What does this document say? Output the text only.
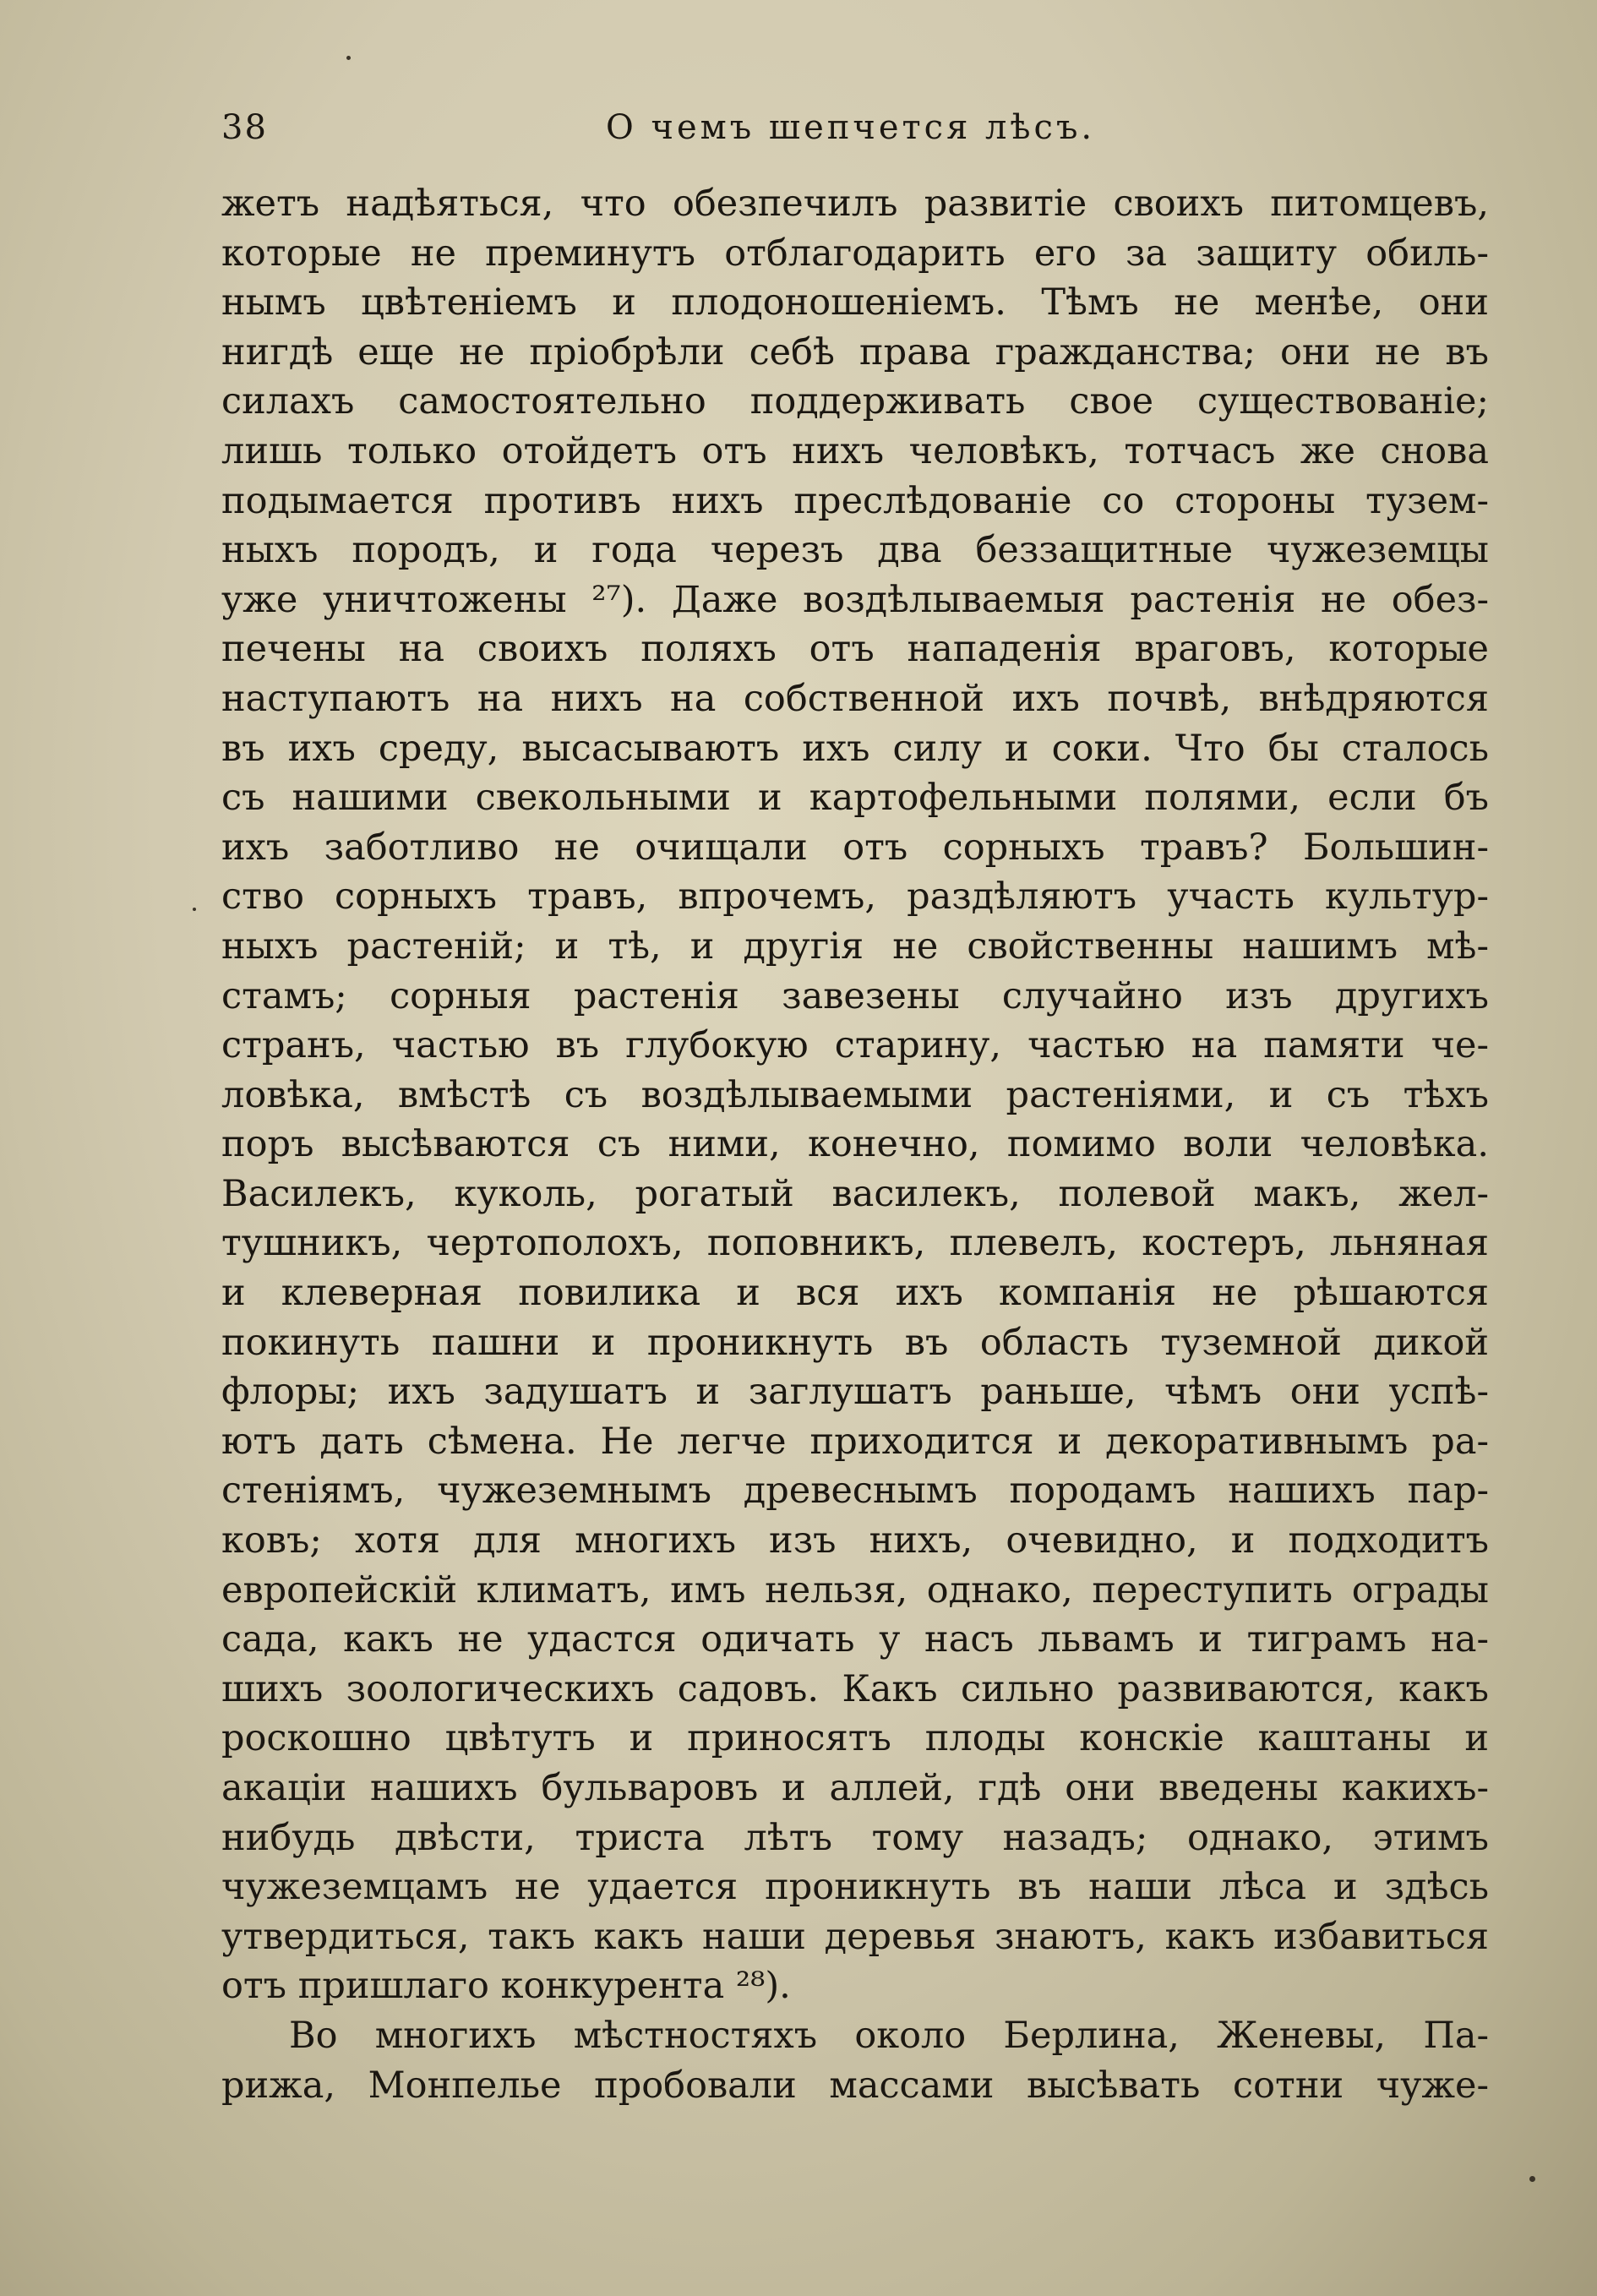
38	О чемъ шепчется лѣсъ.
жетъ надѣяться, что обезпечилъ развитіе своихъ питомцевъ,
которые не преминутъ отблагодарить его за защиту обиль-
нымъ цвѣтеніемъ и плодоношеніемъ. Тѣмъ не менѣе, они
нигдѣ еще не пріобрѣли себѣ права гражданства; они не въ
силахъ самостоятельно поддерживать свое существованіе;
лишь только отойдетъ отъ нихъ человѣкъ, тотчасъ же снова
подымается противъ нихъ преслѣдованіе со стороны тузем-
ныхъ породъ, и года черезъ два беззащитные чужеземцы
уже уничтожены ²⁷). Даже воздѣлываемыя растенія не обез-
печены на своихъ поляхъ отъ нападенія враговъ, которые
наступаютъ на нихъ на собственной ихъ почвѣ, внѣдряются
въ ихъ среду, высасываютъ ихъ силу и соки. Что бы сталось
съ нашими свекольными и картофельными полями, если бъ
ихъ заботливо не очищали отъ сорныхъ травъ? Большин-
ство сорныхъ травъ, впрочемъ, раздѣляютъ участь культур-
ныхъ растеній; и тѣ, и другія не свойственны нашимъ мѣ-
стамъ; сорныя растенія завезены случайно изъ другихъ
странъ, частью въ глубокую старину, частью на памяти че-
ловѣка, вмѣстѣ съ воздѣлываемыми растеніями, и съ тѣхъ
поръ высѣваются съ ними, конечно, помимо воли человѣка.
Василекъ, куколь, рогатый василекъ, полевой макъ, жел-
тушникъ, чертополохъ, поповникъ, плевелъ, костеръ, льняная
и клеверная повилика и вся ихъ компанія не рѣшаются
покинуть пашни и проникнуть въ область туземной дикой
флоры; ихъ задушатъ и заглушатъ раньше, чѣмъ они успѣ-
ютъ дать сѣмена. Не легче приходится и декоративнымъ ра-
стеніямъ, чужеземнымъ древеснымъ породамъ нашихъ пар-
ковъ; хотя для многихъ изъ нихъ, очевидно, и подходитъ
европейскій климатъ, имъ нельзя, однако, переступить ограды
сада, какъ не удастся одичать у насъ львамъ и тиграмъ на-
шихъ зоологическихъ садовъ. Какъ сильно развиваются, какъ
роскошно цвѣтутъ и приносятъ плоды конскіе каштаны и
акаціи нашихъ бульваровъ и аллей, гдѣ они введены какихъ-
нибудь двѣсти, триста лѣтъ тому назадъ; однако, этимъ
чужеземцамъ не удается проникнуть въ наши лѣса и здѣсь
утвердиться, такъ какъ наши деревья знаютъ, какъ избавиться
отъ пришлаго конкурента ²⁸).
Во многихъ мѣстностяхъ около Берлина, Женевы, Па-
рижа, Монпелье пробовали массами высѣвать сотни чуже-
